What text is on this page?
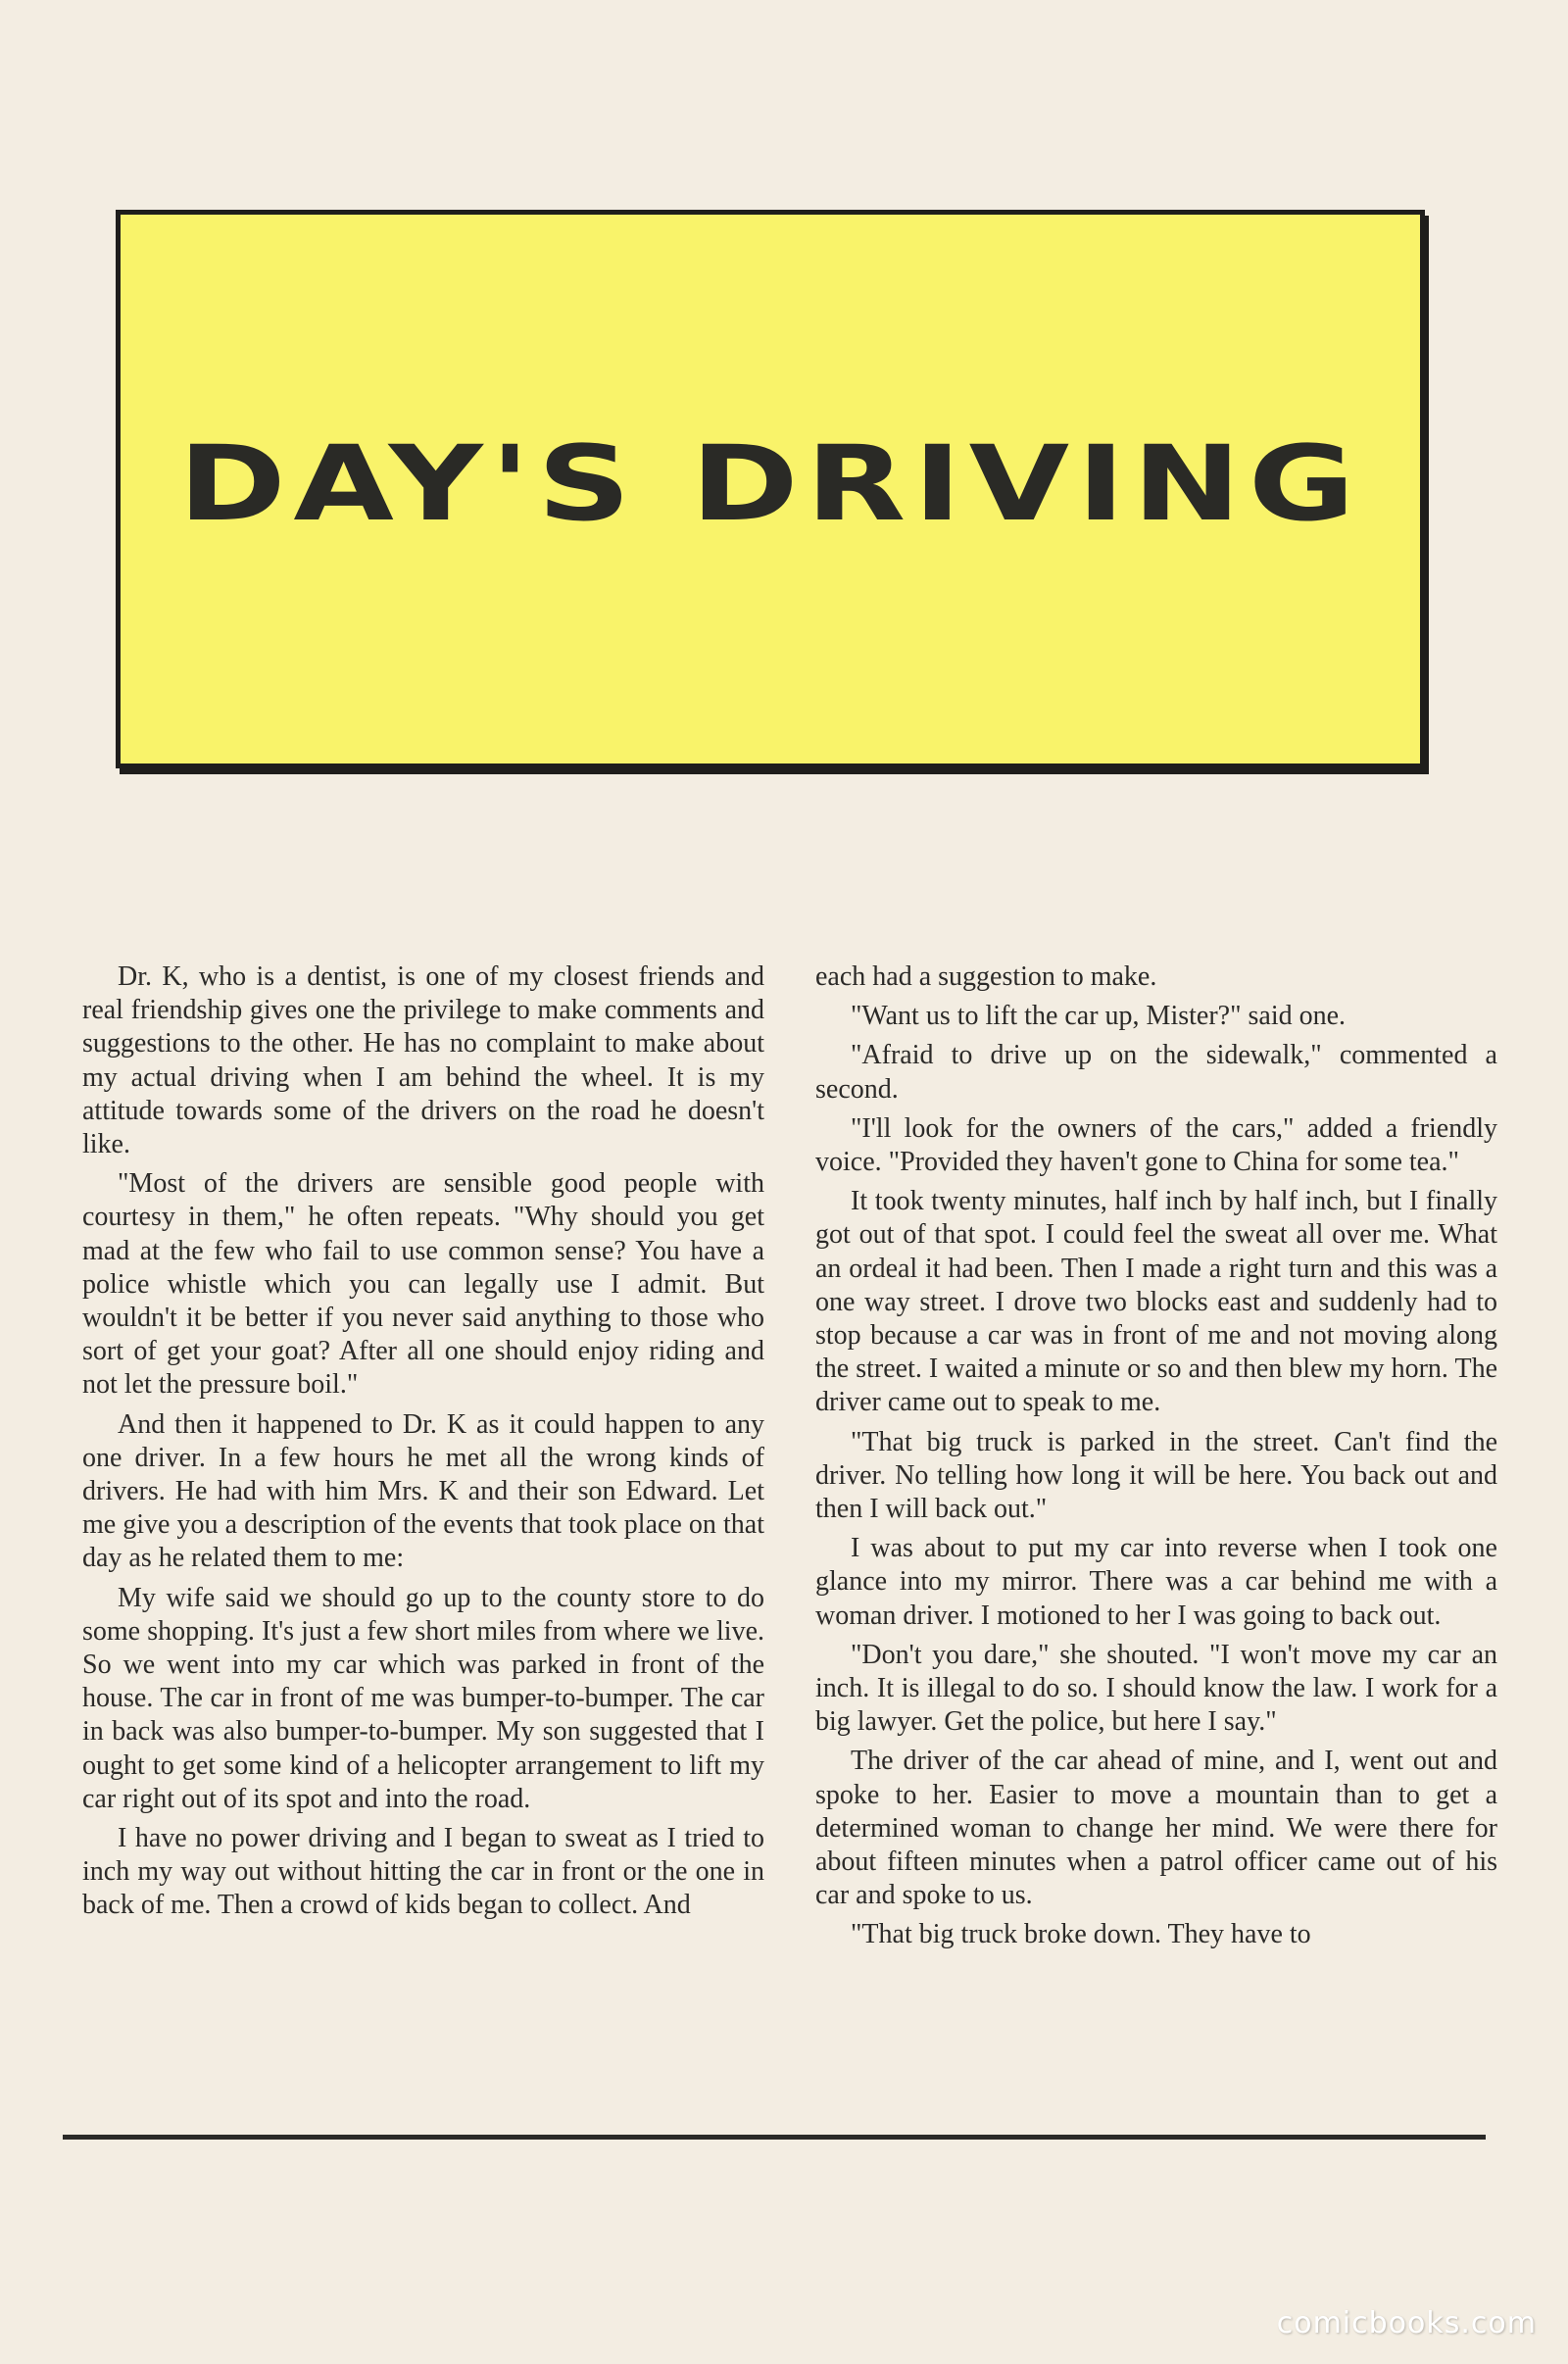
DAY'S DRIVING

Dr. K, who is a dentist, is one of my closest friends and real friendship gives one the privilege to make comments and suggestions to the other. He has no complaint to make about my actual driving when I am behind the wheel. It is my attitude towards some of the drivers on the road he doesn't like.

"Most of the drivers are sensible good people with courtesy in them," he often repeats. "Why should you get mad at the few who fail to use common sense? You have a police whistle which you can legally use I admit. But wouldn't it be better if you never said anything to those who sort of get your goat? After all one should enjoy riding and not let the pressure boil."

And then it happened to Dr. K as it could happen to any one driver. In a few hours he met all the wrong kinds of drivers. He had with him Mrs. K and their son Edward. Let me give you a description of the events that took place on that day as he related them to me:

My wife said we should go up to the county store to do some shopping. It's just a few short miles from where we live. So we went into my car which was parked in front of the house. The car in front of me was bumper-to-bumper. The car in back was also bumper-to-bumper. My son suggested that I ought to get some kind of a helicopter arrangement to lift my car right out of its spot and into the road.

I have no power driving and I began to sweat as I tried to inch my way out without hitting the car in front or the one in back of me. Then a crowd of kids began to collect. And

each had a suggestion to make.

"Want us to lift the car up, Mister?" said one.

"Afraid to drive up on the sidewalk," commented a second.

"I'll look for the owners of the cars," added a friendly voice. "Provided they haven't gone to China for some tea."

It took twenty minutes, half inch by half inch, but I finally got out of that spot. I could feel the sweat all over me. What an ordeal it had been. Then I made a right turn and this was a one way street. I drove two blocks east and suddenly had to stop because a car was in front of me and not moving along the street. I waited a minute or so and then blew my horn. The driver came out to speak to me.

"That big truck is parked in the street. Can't find the driver. No telling how long it will be here. You back out and then I will back out."

I was about to put my car into reverse when I took one glance into my mirror. There was a car behind me with a woman driver. I motioned to her I was going to back out.

"Don't you dare," she shouted. "I won't move my car an inch. It is illegal to do so. I should know the law. I work for a big lawyer. Get the police, but here I say."

The driver of the car ahead of mine, and I, went out and spoke to her. Easier to move a mountain than to get a determined woman to change her mind. We were there for about fifteen minutes when a patrol officer came out of his car and spoke to us.

"That big truck broke down. They have to

comicbooks.com
